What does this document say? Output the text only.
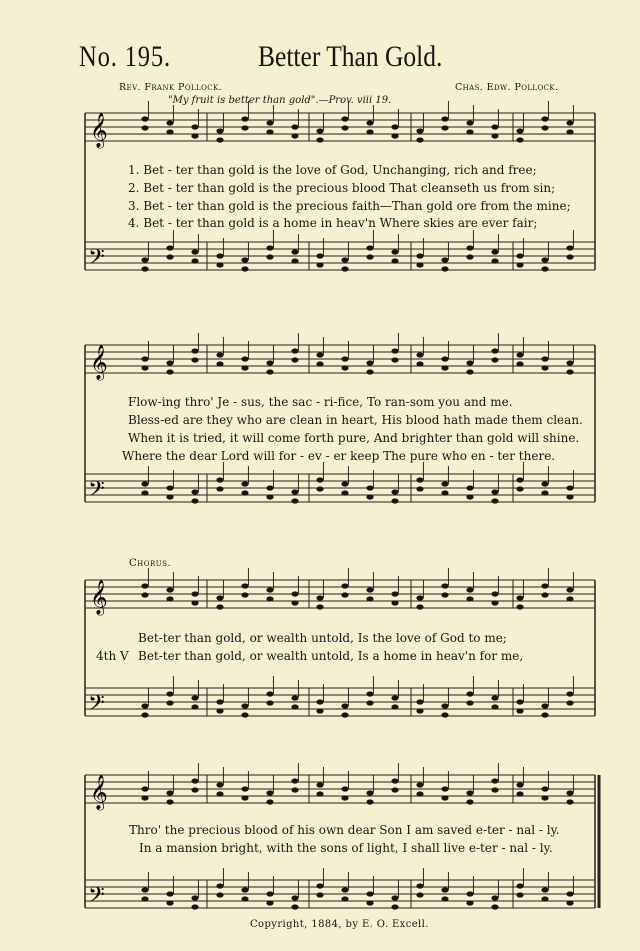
No. 195.	Better Than Gold.
Rev. Frank Pollock.	Chas. Edw. Pollock.
"My fruit is better than gold".—Prov. viii 19.
𝄞
𝄢
𝄞
𝄢
𝄞
𝄢
𝄞
𝄢
1. Bet - ter than gold is the love of God, Unchanging, rich and free;
2. Bet - ter than gold is the precious blood That cleanseth us from sin;
3. Bet - ter than gold is the precious faith—Than gold ore from the mine;
4. Bet - ter than gold is a home in heav'n Where skies are ever fair;
Flow-ing thro' Je - sus, the sac - ri-fice, To ran-som you and me.
Bless-ed are they who are clean in heart, His blood hath made them clean.
When it is tried, it will come forth pure, And brighter than gold will shine.
Where the dear Lord will for - ev - er keep The pure who en - ter there.
Chorus.
Bet-ter than gold, or wealth untold, Is the love of God to me;
4th V Bet-ter than gold, or wealth untold, Is a home in heav'n for me,
Thro' the precious blood of his own dear Son I am saved e-ter - nal - ly.
In a mansion bright, with the sons of light, I shall live e-ter - nal - ly.
Copyright, 1884, by E. O. Excell.
